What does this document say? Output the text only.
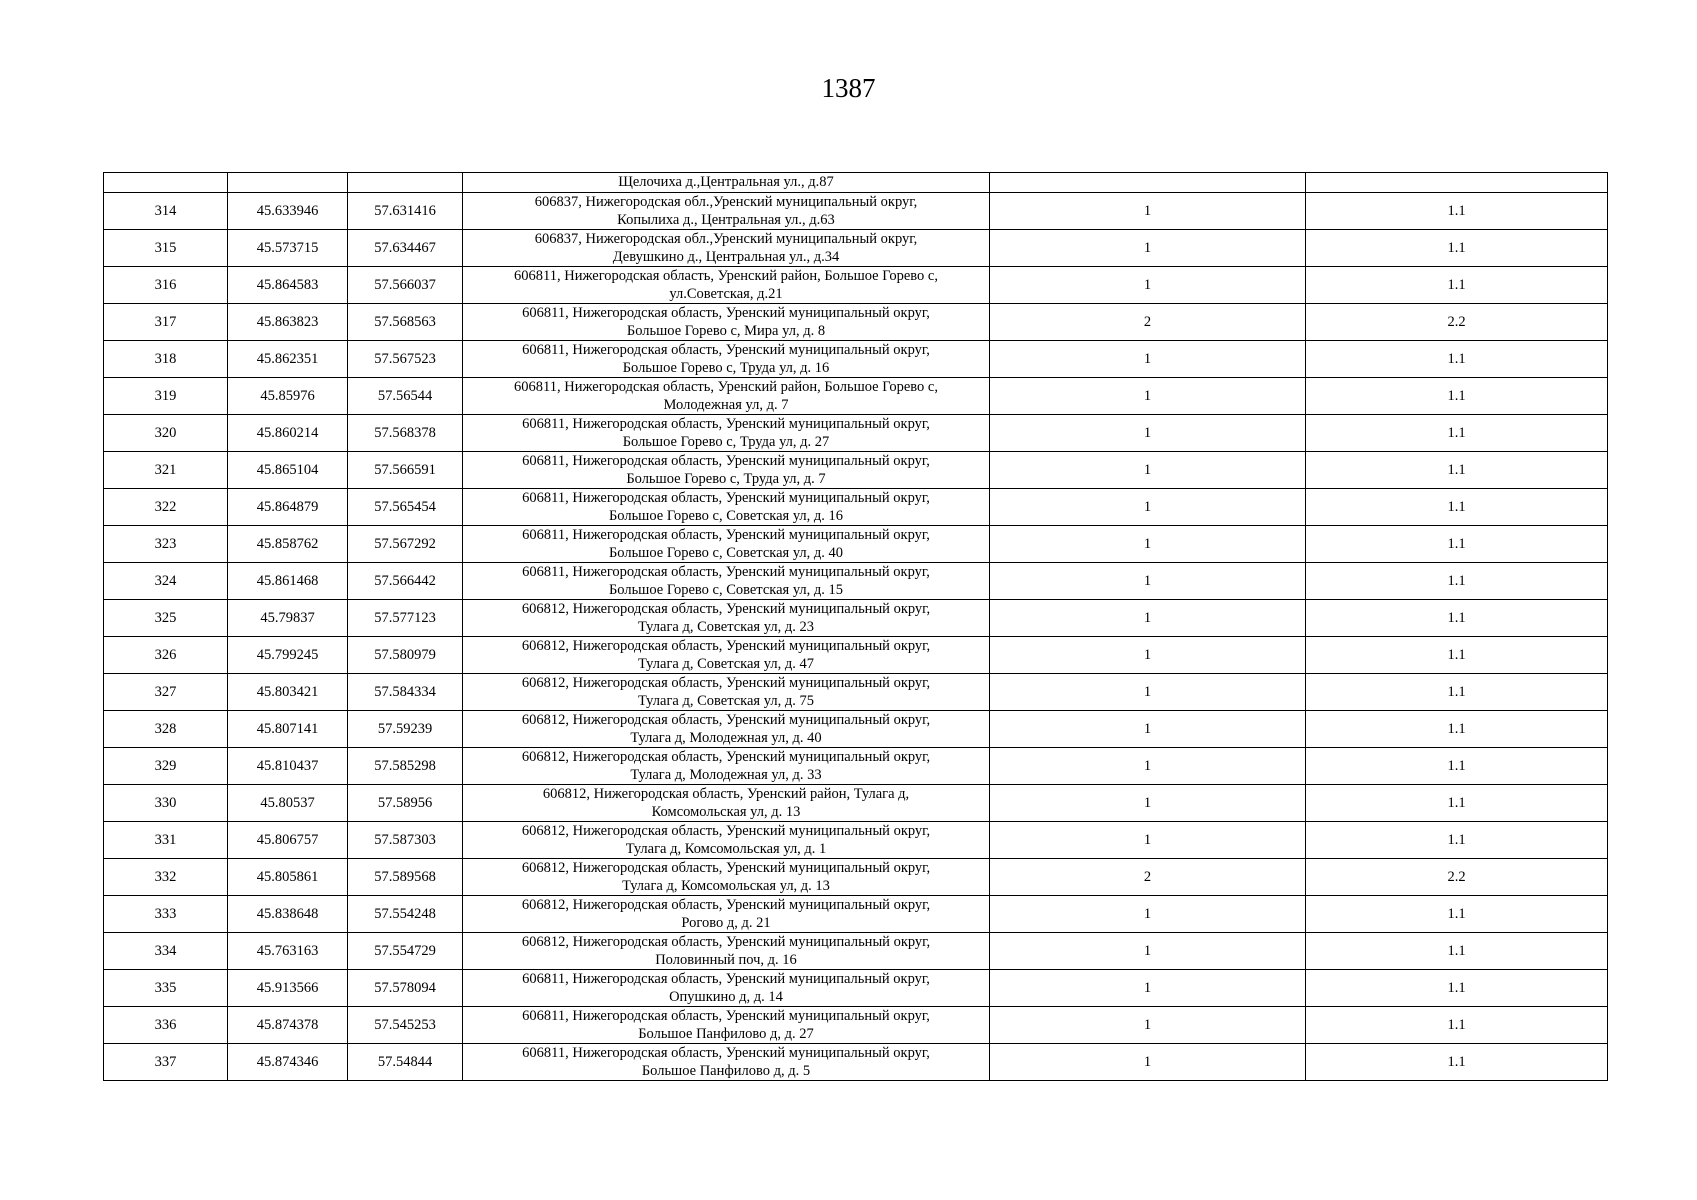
1387
			Щелочиха д.,Центральная ул., д.87		
314	45.633946	57.631416	606837, Нижегородская обл.,Уренский муниципальный округ,
Копылиха д., Центральная ул., д.63	1	1.1
315	45.573715	57.634467	606837, Нижегородская обл.,Уренский муниципальный округ,
Девушкино д., Центральная ул., д.34	1	1.1
316	45.864583	57.566037	606811, Нижегородская область, Уренский район, Большое Горево с,
ул.Советская, д.21	1	1.1
317	45.863823	57.568563	606811, Нижегородская область, Уренский муниципальный округ,
Большое Горево с, Мира ул, д. 8	2	2.2
318	45.862351	57.567523	606811, Нижегородская область, Уренский муниципальный округ,
Большое Горево с, Труда ул, д. 16	1	1.1
319	45.85976	57.56544	606811, Нижегородская область, Уренский район, Большое Горево с,
Молодежная ул, д. 7	1	1.1
320	45.860214	57.568378	606811, Нижегородская область, Уренский муниципальный округ,
Большое Горево с, Труда ул, д. 27	1	1.1
321	45.865104	57.566591	606811, Нижегородская область, Уренский муниципальный округ,
Большое Горево с, Труда ул, д. 7	1	1.1
322	45.864879	57.565454	606811, Нижегородская область, Уренский муниципальный округ,
Большое Горево с, Советская ул, д. 16	1	1.1
323	45.858762	57.567292	606811, Нижегородская область, Уренский муниципальный округ,
Большое Горево с, Советская ул, д. 40	1	1.1
324	45.861468	57.566442	606811, Нижегородская область, Уренский муниципальный округ,
Большое Горево с, Советская ул, д. 15	1	1.1
325	45.79837	57.577123	606812, Нижегородская область, Уренский муниципальный округ,
Тулага д, Советская ул, д. 23	1	1.1
326	45.799245	57.580979	606812, Нижегородская область, Уренский муниципальный округ,
Тулага д, Советская ул, д. 47	1	1.1
327	45.803421	57.584334	606812, Нижегородская область, Уренский муниципальный округ,
Тулага д, Советская ул, д. 75	1	1.1
328	45.807141	57.59239	606812, Нижегородская область, Уренский муниципальный округ,
Тулага д, Молодежная ул, д. 40	1	1.1
329	45.810437	57.585298	606812, Нижегородская область, Уренский муниципальный округ,
Тулага д, Молодежная ул, д. 33	1	1.1
330	45.80537	57.58956	606812, Нижегородская область, Уренский район, Тулага д,
Комсомольская ул, д. 13	1	1.1
331	45.806757	57.587303	606812, Нижегородская область, Уренский муниципальный округ,
Тулага д, Комсомольская ул, д. 1	1	1.1
332	45.805861	57.589568	606812, Нижегородская область, Уренский муниципальный округ,
Тулага д, Комсомольская ул, д. 13	2	2.2
333	45.838648	57.554248	606812, Нижегородская область, Уренский муниципальный округ,
Рогово д, д. 21	1	1.1
334	45.763163	57.554729	606812, Нижегородская область, Уренский муниципальный округ,
Половинный поч, д. 16	1	1.1
335	45.913566	57.578094	606811, Нижегородская область, Уренский муниципальный округ,
Опушкино д, д. 14	1	1.1
336	45.874378	57.545253	606811, Нижегородская область, Уренский муниципальный округ,
Большое Панфилово д, д. 27	1	1.1
337	45.874346	57.54844	606811, Нижегородская область, Уренский муниципальный округ,
Большое Панфилово д, д. 5	1	1.1
